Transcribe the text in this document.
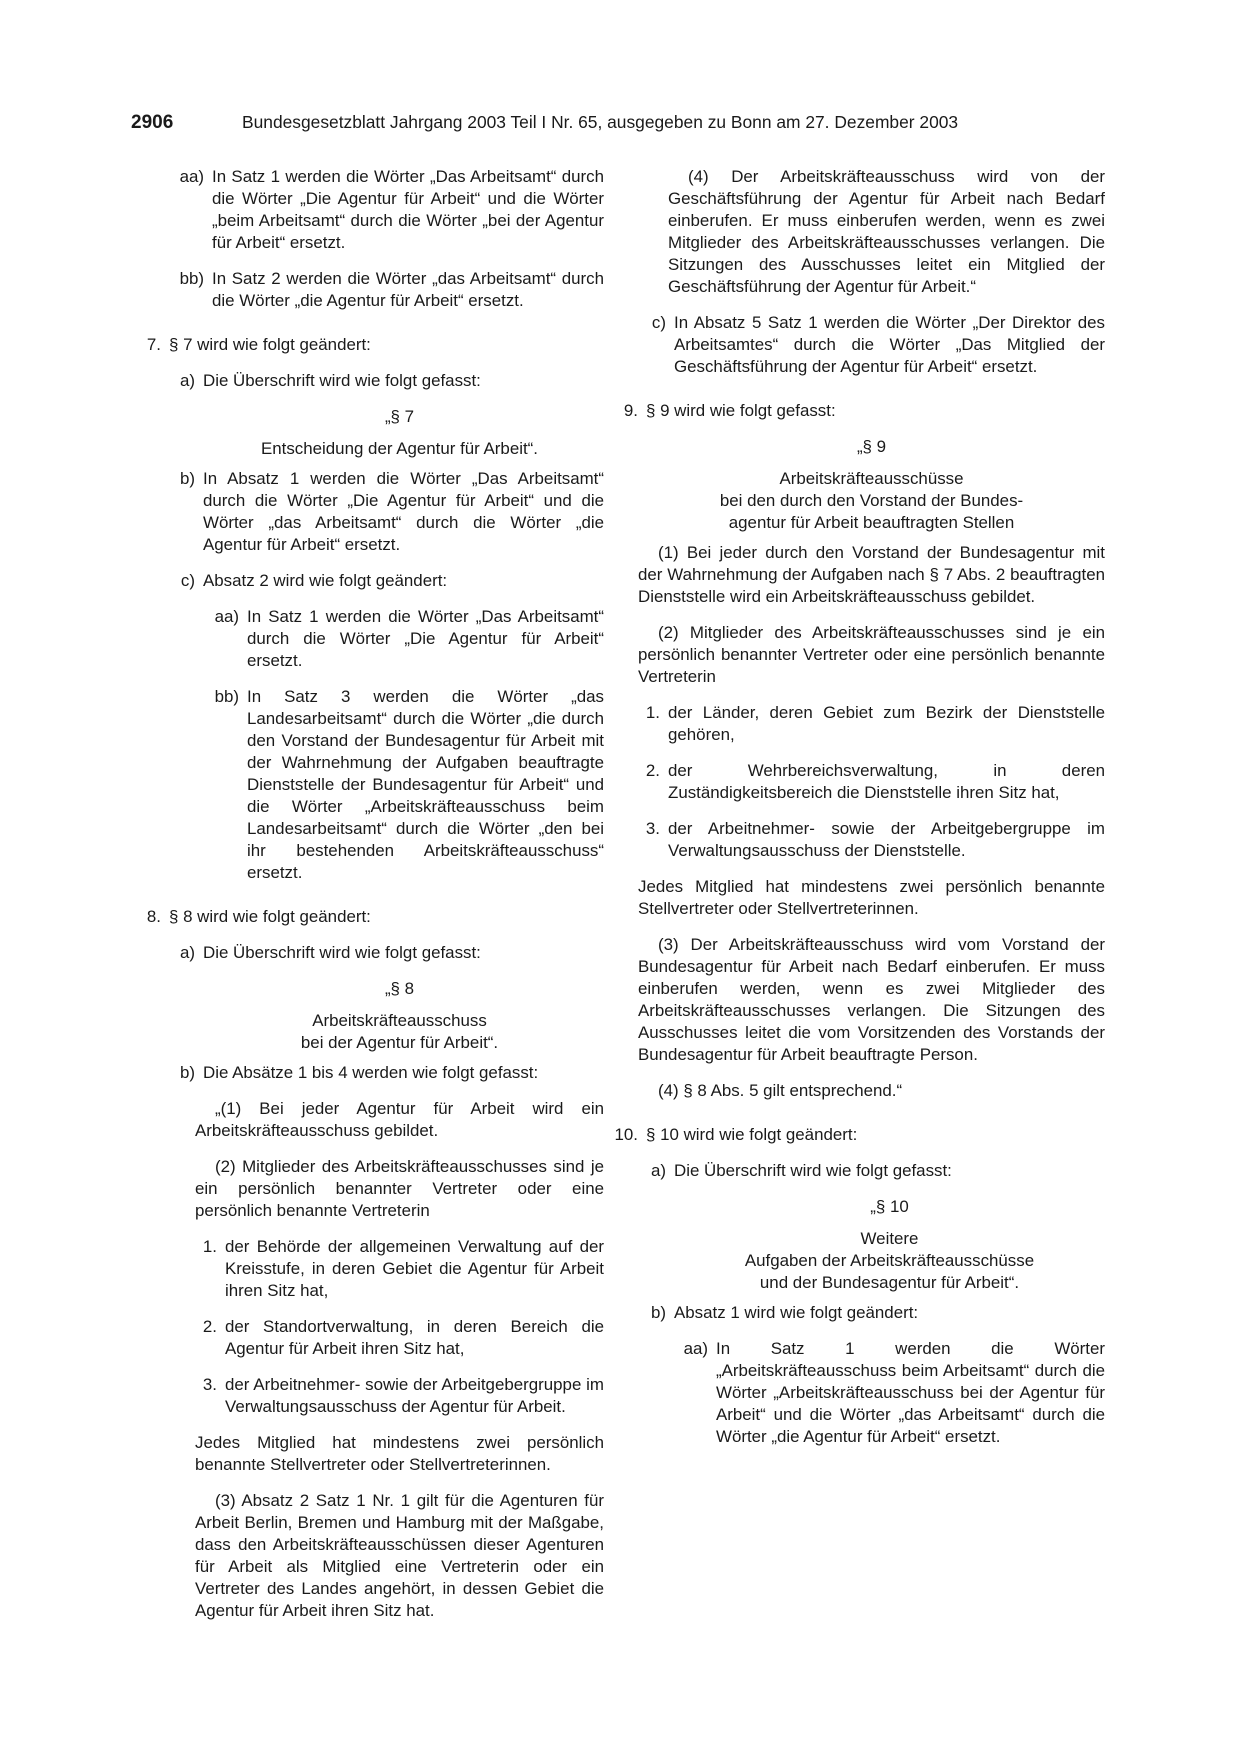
2906	Bundesgesetzblatt Jahrgang 2003 Teil I Nr. 65, ausgegeben zu Bonn am 27. Dezember 2003
aa) In Satz 1 werden die Wörter „Das Arbeitsamt“ durch die Wörter „Die Agentur für Arbeit“ und die Wörter „beim Arbeitsamt“ durch die Wörter „bei der Agentur für Arbeit“ ersetzt.
bb) In Satz 2 werden die Wörter „das Arbeitsamt“ durch die Wörter „die Agentur für Arbeit“ ersetzt.
7. § 7 wird wie folgt geändert:
a) Die Überschrift wird wie folgt gefasst:
„§ 7
Entscheidung der Agentur für Arbeit“.
b) In Absatz 1 werden die Wörter „Das Arbeitsamt“ durch die Wörter „Die Agentur für Arbeit“ und die Wörter „das Arbeitsamt“ durch die Wörter „die Agentur für Arbeit“ ersetzt.
c) Absatz 2 wird wie folgt geändert:
aa) In Satz 1 werden die Wörter „Das Arbeitsamt“ durch die Wörter „Die Agentur für Arbeit“ ersetzt.
bb) In Satz 3 werden die Wörter „das Landesarbeitsamt“ durch die Wörter „die durch den Vorstand der Bundesagentur für Arbeit mit der Wahrnehmung der Aufgaben beauftragte Dienststelle der Bundesagentur für Arbeit“ und die Wörter „Arbeitskräfteausschuss beim Landesarbeitsamt“ durch die Wörter „den bei ihr bestehenden Arbeitskräfteausschuss“ ersetzt.
8. § 8 wird wie folgt geändert:
a) Die Überschrift wird wie folgt gefasst:
„§ 8
Arbeitskräfteausschuss
bei der Agentur für Arbeit“.
b) Die Absätze 1 bis 4 werden wie folgt gefasst:
„(1) Bei jeder Agentur für Arbeit wird ein Arbeitskräfteausschuss gebildet.
(2) Mitglieder des Arbeitskräfteausschusses sind je ein persönlich benannter Vertreter oder eine persönlich benannte Vertreterin
1. der Behörde der allgemeinen Verwaltung auf der Kreisstufe, in deren Gebiet die Agentur für Arbeit ihren Sitz hat,
2. der Standortverwaltung, in deren Bereich die Agentur für Arbeit ihren Sitz hat,
3. der Arbeitnehmer- sowie der Arbeitgebergruppe im Verwaltungsausschuss der Agentur für Arbeit.
Jedes Mitglied hat mindestens zwei persönlich benannte Stellvertreter oder Stellvertreterinnen.
(3) Absatz 2 Satz 1 Nr. 1 gilt für die Agenturen für Arbeit Berlin, Bremen und Hamburg mit der Maßgabe, dass den Arbeitskräfteausschüssen dieser Agenturen für Arbeit als Mitglied eine Vertreterin oder ein Vertreter des Landes angehört, in dessen Gebiet die Agentur für Arbeit ihren Sitz hat.
(4) Der Arbeitskräfteausschuss wird von der Geschäftsführung der Agentur für Arbeit nach Bedarf einberufen. Er muss einberufen werden, wenn es zwei Mitglieder des Arbeitskräfteausschusses verlangen. Die Sitzungen des Ausschusses leitet ein Mitglied der Geschäftsführung der Agentur für Arbeit.“
c) In Absatz 5 Satz 1 werden die Wörter „Der Direktor des Arbeitsamtes“ durch die Wörter „Das Mitglied der Geschäftsführung der Agentur für Arbeit“ ersetzt.
9. § 9 wird wie folgt gefasst:
„§ 9
Arbeitskräfteausschüsse
bei den durch den Vorstand der Bundes-
agentur für Arbeit beauftragten Stellen
(1) Bei jeder durch den Vorstand der Bundesagentur mit der Wahrnehmung der Aufgaben nach § 7 Abs. 2 beauftragten Dienststelle wird ein Arbeitskräfteausschuss gebildet.
(2) Mitglieder des Arbeitskräfteausschusses sind je ein persönlich benannter Vertreter oder eine persönlich benannte Vertreterin
1. der Länder, deren Gebiet zum Bezirk der Dienststelle gehören,
2. der Wehrbereichsverwaltung, in deren Zuständigkeitsbereich die Dienststelle ihren Sitz hat,
3. der Arbeitnehmer- sowie der Arbeitgebergruppe im Verwaltungsausschuss der Dienststelle.
Jedes Mitglied hat mindestens zwei persönlich benannte Stellvertreter oder Stellvertreterinnen.
(3) Der Arbeitskräfteausschuss wird vom Vorstand der Bundesagentur für Arbeit nach Bedarf einberufen. Er muss einberufen werden, wenn es zwei Mitglieder des Arbeitskräfteausschusses verlangen. Die Sitzungen des Ausschusses leitet die vom Vorsitzenden des Vorstands der Bundesagentur für Arbeit beauftragte Person.
(4) § 8 Abs. 5 gilt entsprechend.“
10. § 10 wird wie folgt geändert:
a) Die Überschrift wird wie folgt gefasst:
„§ 10
Weitere
Aufgaben der Arbeitskräfteausschüsse
und der Bundesagentur für Arbeit“.
b) Absatz 1 wird wie folgt geändert:
aa) In Satz 1 werden die Wörter „Arbeitskräfteausschuss beim Arbeitsamt“ durch die Wörter „Arbeitskräfteausschuss bei der Agentur für Arbeit“ und die Wörter „das Arbeitsamt“ durch die Wörter „die Agentur für Arbeit“ ersetzt.
